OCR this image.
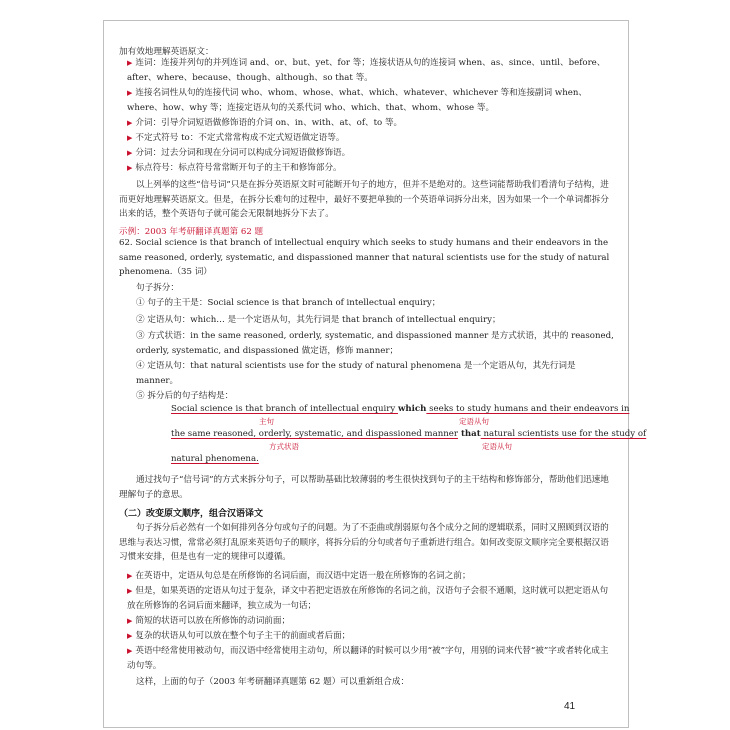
加有效地理解英语原文：
▶ 连词：连接并列句的并列连词 and、or、but、yet、for 等；连接状语从句的连接词 when、as、since、until、before、after、where、because、though、although、so that 等。
▶ 连接名词性从句的连接代词 who、whom、whose、what、which、whatever、whichever 等和连接副词 when、where、how、why 等；连接定语从句的关系代词 who、which、that、whom、whose 等。
▶ 介词：引导介词短语做修饰语的介词 on、in、with、at、of、to 等。
▶ 不定式符号 to：不定式常常构成不定式短语做定语等。
▶ 分词：过去分词和现在分词可以构成分词短语做修饰语。
▶ 标点符号：标点符号常常断开句子的主干和修饰部分。
以上列举的这些“信号词”只是在拆分英语原文时可能断开句子的地方，但并不是绝对的。这些词能帮助我们看清句子结构，进而更好地理解英语原文。但是，在拆分长难句的过程中，最好不要把单独的一个英语单词拆分出来，因为如果一个一个单词都拆分出来的话，整个英语句子就可能会无限制地拆分下去了。
示例：2003 年考研翻译真题第 62 题
62. Social science is that branch of intellectual enquiry which seeks to study humans and their endeavors in the same reasoned, orderly, systematic, and dispassioned manner that natural scientists use for the study of natural phenomena.（35 词）
句子拆分：
① 句子的主干是：Social science is that branch of intellectual enquiry；
② 定语从句：which… 是一个定语从句，其先行词是 that branch of intellectual enquiry；
③ 方式状语：in the same reasoned, orderly, systematic, and dispassioned manner 是方式状语，其中的 reasoned, orderly, systematic, and dispassioned 做定语，修饰 manner；
④ 定语从句：that natural scientists use for the study of natural phenomena 是一个定语从句，其先行词是 manner。
⑤ 拆分后的句子结构是：
Social science is that branch of intellectual enquiry which seeks to study humans and their endeavors in
主句	定语从句
the same reasoned, orderly, systematic, and dispassioned manner that natural scientists use for the study of
方式状语	定语从句
natural phenomena.
通过找句子“信号词”的方式来拆分句子，可以帮助基础比较薄弱的考生很快找到句子的主干结构和修饰部分，帮助他们迅速地理解句子的意思。
（二）改变原文顺序，组合汉语译文
句子拆分后必然有一个如何排列各分句或句子的问题。为了不歪曲或削弱原句各个成分之间的逻辑联系，同时又照顾到汉语的思维与表达习惯，常常必须打乱原来英语句子的顺序，将拆分后的分句或者句子重新进行组合。如何改变原文顺序完全要根据汉语习惯来安排，但是也有一定的规律可以遵循。
▶ 在英语中，定语从句总是在所修饰的名词后面，而汉语中定语一般在所修饰的名词之前；
▶ 但是，如果英语的定语从句过于复杂，译文中若把定语放在所修饰的名词之前，汉语句子会很不通顺，这时就可以把定语从句放在所修饰的名词后面来翻译，独立成为一句话；
▶ 简短的状语可以放在所修饰的动词前面；
▶ 复杂的状语从句可以放在整个句子主干的前面或者后面；
▶ 英语中经常使用被动句，而汉语中经常使用主动句，所以翻译的时候可以少用“被”字句，用别的词来代替“被”字或者转化成主动句等。
这样，上面的句子（2003 年考研翻译真题第 62 题）可以重新组合成：
41
